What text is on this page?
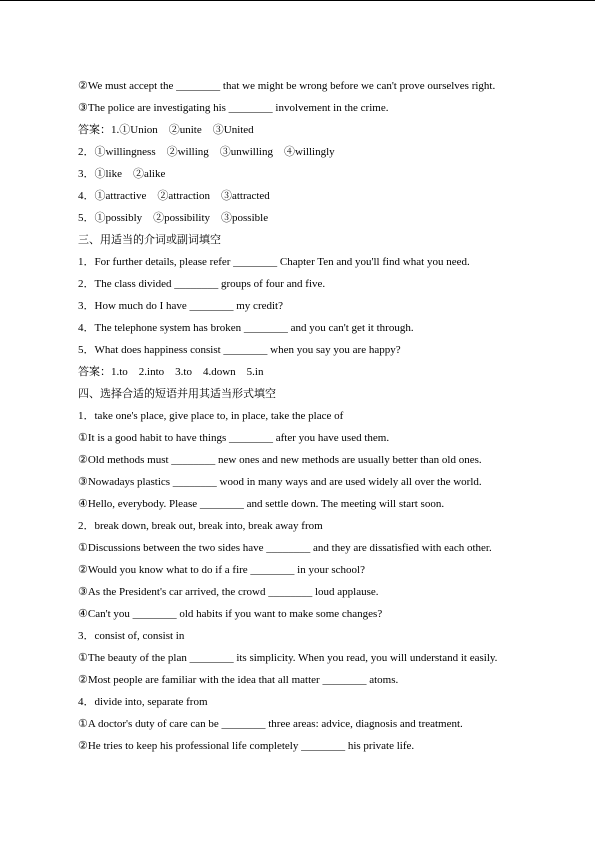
②We must accept the ________ that we might be wrong before we can't prove ourselves right.
③The police are investigating his ________ involvement in the crime.
答案：1.①Union　②unite　③United
2．①willingness　②willing　③unwilling　④willingly
3．①like　②alike
4．①attractive　②attraction　③attracted
5．①possibly　②possibility　③possible
三、用适当的介词或副词填空
1．For further details, please refer ________ Chapter Ten and you'll find what you need.
2．The class divided ________ groups of four and five.
3．How much do I have ________ my credit?
4．The telephone system has broken ________ and you can't get it through.
5．What does happiness consist ________ when you say you are happy?
答案：1.to　2.into　3.to　4.down　5.in
四、选择合适的短语并用其适当形式填空
1．take one's place, give place to, in place, take the place of
①It is a good habit to have things ________ after you have used them.
②Old methods must ________ new ones and new methods are usually better than old ones.
③Nowadays plastics ________ wood in many ways and are used widely all over the world.
④Hello, everybody. Please ________ and settle down. The meeting will start soon.
2．break down, break out, break into, break away from
①Discussions between the two sides have ________ and they are dissatisfied with each other.
②Would you know what to do if a fire ________ in your school?
③As the President's car arrived, the crowd ________ loud applause.
④Can't you ________ old habits if you want to make some changes?
3．consist of, consist in
①The beauty of the plan ________ its simplicity. When you read, you will understand it easily.
②Most people are familiar with the idea that all matter ________ atoms.
4．divide into, separate from
①A doctor's duty of care can be ________ three areas: advice, diagnosis and treatment.
②He tries to keep his professional life completely ________ his private life.
